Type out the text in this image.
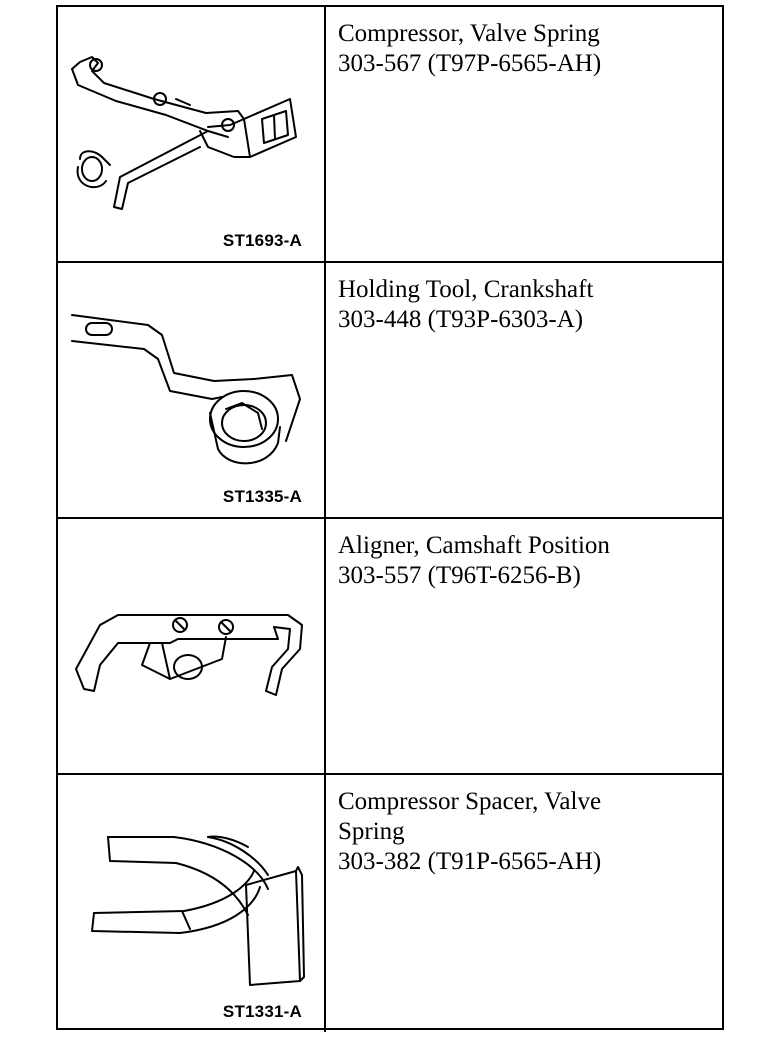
ST1693-A
Compressor, Valve Spring
303-567 (T97P-6565-AH)
ST1335-A
Holding Tool, Crankshaft
303-448 (T93P-6303-A)
Aligner, Camshaft Position
303-557 (T96T-6256-B)
ST1331-A
Compressor Spacer, Valve
Spring
303-382 (T91P-6565-AH)
